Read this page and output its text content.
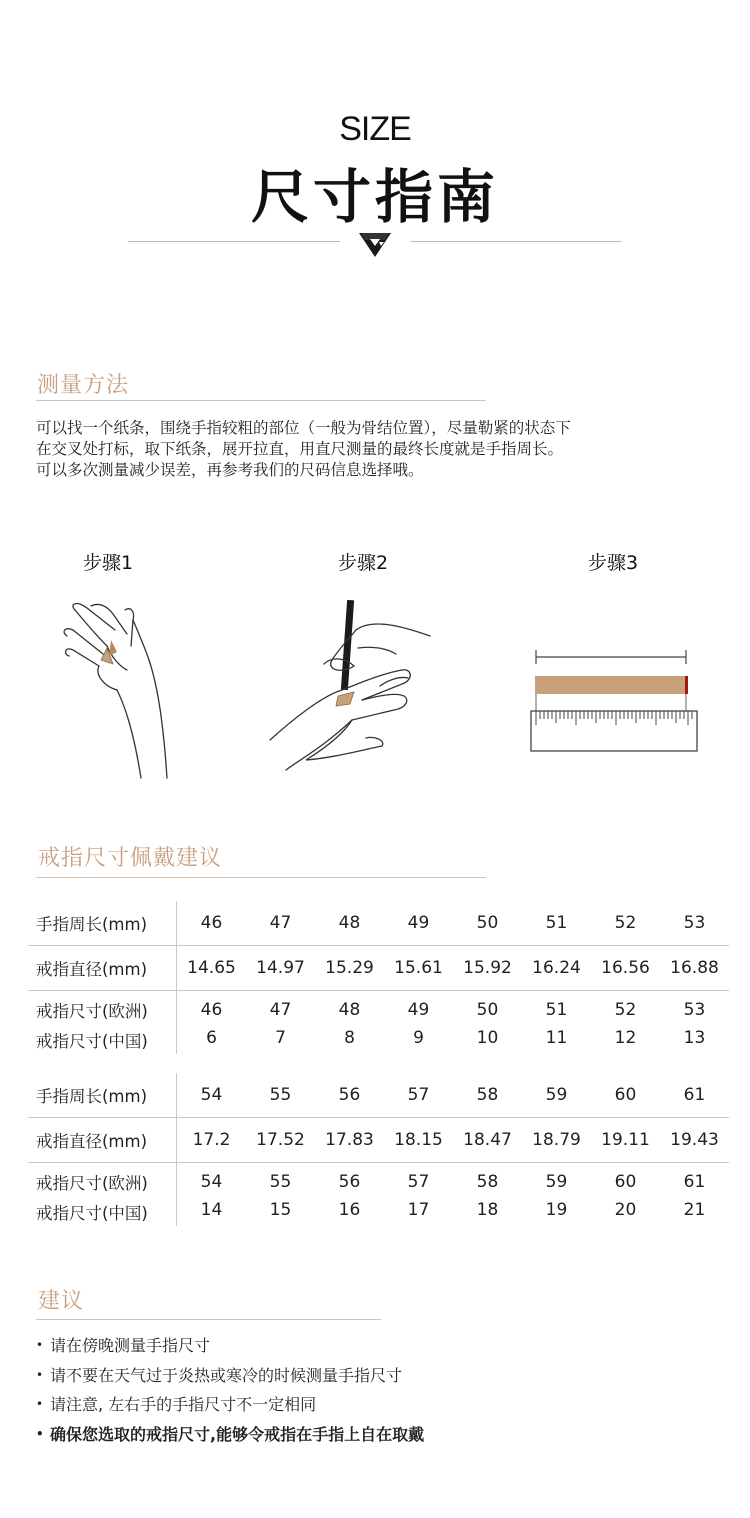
SIZE
尺寸指南
测量方法
可以找一个纸条，围绕手指较粗的部位（一般为骨结位置），尽量勒紧的状态下
在交叉处打标，取下纸条，展开拉直，用直尺测量的最终长度就是手指周长。
可以多次测量减少误差，再参考我们的尺码信息选择哦。
步骤1	步骤2	步骤3
戒指尺寸佩戴建议
手指周长(mm)	46	47	48	49	50	51	52	53
戒指直径(mm)	14.65	14.97	15.29	15.61	15.92	16.24	16.56	16.88
戒指尺寸(欧洲)	46	47	48	49	50	51	52	53
戒指尺寸(中国)	6	7	8	9	10	11	12	13
手指周长(mm)	54	55	56	57	58	59	60	61
戒指直径(mm)	17.2	17.52	17.83	18.15	18.47	18.79	19.11	19.43
戒指尺寸(欧洲)	54	55	56	57	58	59	60	61
戒指尺寸(中国)	14	15	16	17	18	19	20	21
建议
• 请在傍晚测量手指尺寸
• 请不要在天气过于炎热或寒冷的时候测量手指尺寸
• 请注意, 左右手的手指尺寸不一定相同
• 确保您选取的戒指尺寸,能够令戒指在手指上自在取戴
